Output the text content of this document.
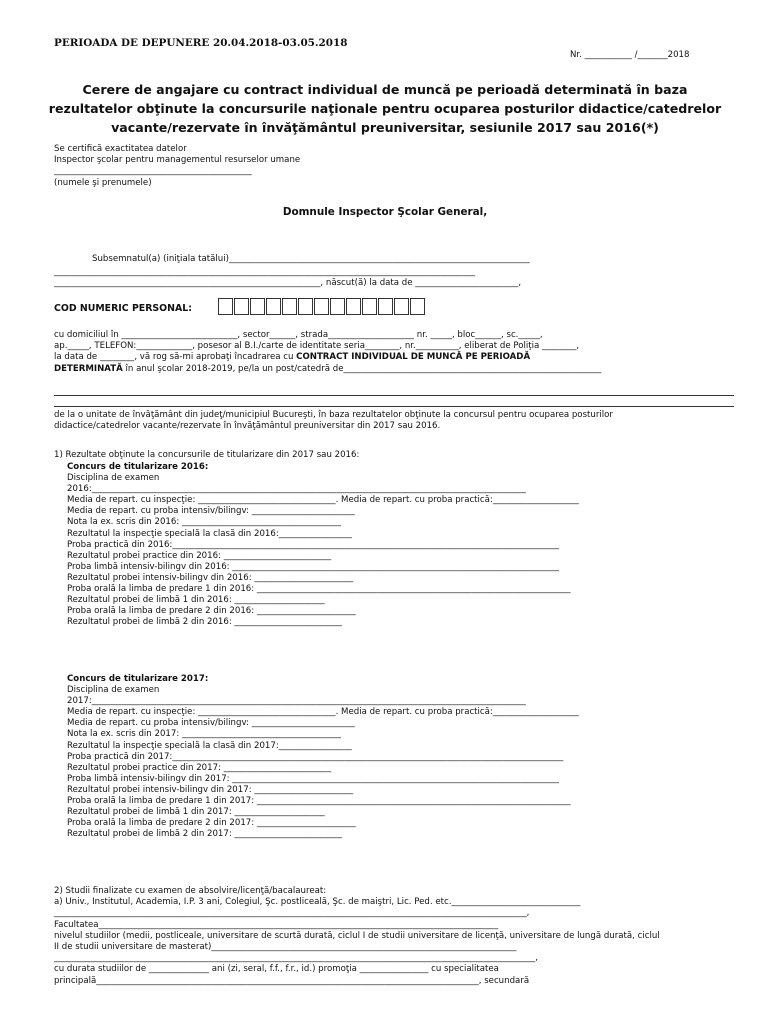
PERIOADA DE DEPUNERE 20.04.2018-03.05.2018
Nr. ___________ /_______2018
Cerere de angajare cu contract individual de muncă pe perioadă determinată în baza
rezultatelor obţinute la concursurile naţionale pentru ocuparea posturilor didactice/catedrelor
vacante/rezervate în învăţământul preuniversitar, sesiunile 2017 sau 2016(*)
Se certifică exactitatea datelor
Inspector şcolar pentru managementul resurselor umane
______________________________________________
(numele şi prenumele)
Domnule Inspector Şcolar General,
Subsemnatul(a) (iniţiala tatălui)______________________________________________________________________
__________________________________________________________________________________________________
______________________________________________________________, născut(ă) la data de ________________________,
COD NUMERIC PERSONAL:
cu domiciliul în ___________________________, sector______, strada____________________ nr. _____, bloc______, sc._____,
ap._____, TELEFON:_____________, posesor al B.I./carte de identitate seria________, nr.__________, eliberat de Poliţia ________,
la data de ________, vă rog să-mi aprobaţi încadrarea cu CONTRACT INDIVIDUAL DE MUNCĂ PE PERIOADĂ
DETERMINATĂ în anul şcolar 2018-2019, pe/la un post/catedră de____________________________________________________________
de la o unitate de învăţământ din judeţ/municipiul Bucureşti, în baza rezultatelor obţinute la concursul pentru ocuparea posturilor
didactice/catedrelor vacante/rezervate în învăţământul preuniversitar din 2017 sau 2016.
1) Rezultate obţinute la concursurile de titularizare din 2017 sau 2016:
Concurs de titularizare 2016:
Disciplina de examen
2016:_____________________________________________________________________________________________________
Media de repart. cu inspecţie: ________________________________. Media de repart. cu proba practică:____________________
Media de repart. cu proba intensiv/bilingv: ________________________
Nota la ex. scris din 2016: _____________________________________
Rezultatul la inspecţie specială la clasă din 2016:_________________
Proba practică din 2016:__________________________________________________________________________________________
Rezultatul probei practice din 2016: _________________________
Proba limbă intensiv-bilingv din 2016: ____________________________________________________________________________
Rezultatul probei intensiv-bilingv din 2016: _______________________
Proba orală la limba de predare 1 din 2016: _________________________________________________________________________
Rezultatul probei de limbă 1 din 2016: _____________________
Proba orală la limba de predare 2 din 2016: _______________________
Rezultatul probei de limbă 2 din 2016: _________________________
Concurs de titularizare 2017:
Disciplina de examen
2017:_____________________________________________________________________________________________________
Media de repart. cu inspecţie: ________________________________. Media de repart. cu proba practică:____________________
Media de repart. cu proba intensiv/bilingv: ________________________
Nota la ex. scris din 2017: _____________________________________
Rezultatul la inspecţie specială la clasă din 2017:_________________
Proba practică din 2017:___________________________________________________________________________________________
Rezultatul probei practice din 2017: _________________________
Proba limbă intensiv-bilingv din 2017: ____________________________________________________________________________
Rezultatul probei intensiv-bilingv din 2017: _______________________
Proba orală la limba de predare 1 din 2017: _________________________________________________________________________
Rezultatul probei de limbă 1 din 2017: _____________________
Proba orală la limba de predare 2 din 2017: _______________________
Rezultatul probei de limbă 2 din 2017: _________________________
2) Studii finalizate cu examen de absolvire/licenţă/bacalaureat:
a) Univ., Institutul, Academia, I.P. 3 ani, Colegiul, Şc. postliceală, Şc. de maiştri, Lic. Ped. etc.______________________________
______________________________________________________________________________________________________________,
Facultatea_____________________________________________________________________________________________
nivelul studiilor (medii, postliceale, universitare de scurtă durată, ciclul I de studii universitare de licenţă, universitare de lungă durată, ciclul
II de studii universitare de masterat)_______________________________________________________________________
________________________________________________________________________________________________________________,
cu durata studiilor de ______________ ani (zi, seral, f.f., f.r., id.) promoţia ________________ cu specialitatea
principală_________________________________________________________________________________________, secundară
